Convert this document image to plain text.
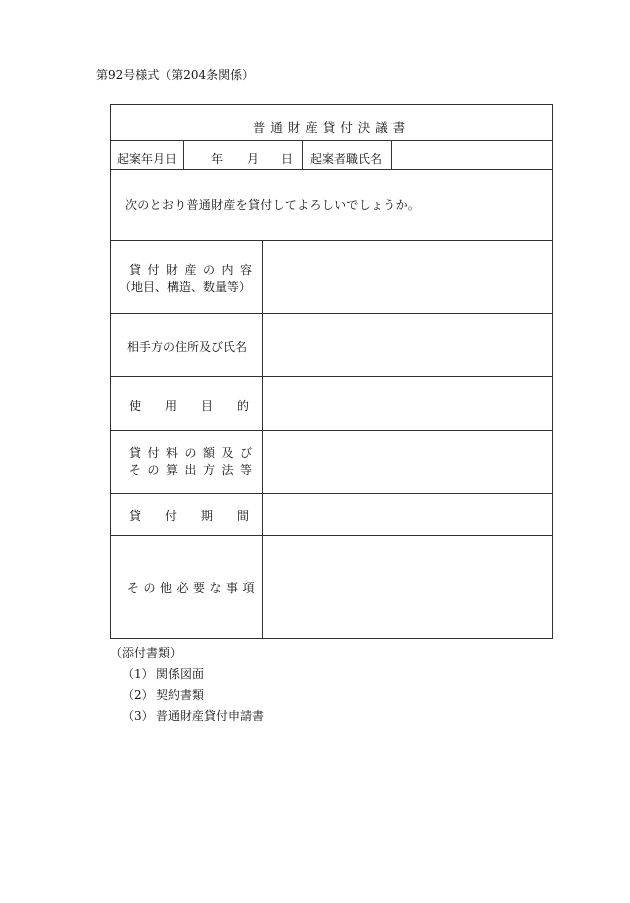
第92号様式（第204条関係）
普通財産貸付決議書
起案年月日	年 月 日 起案者職氏名
次のとおり普通財産を貸付してよろしいでしょうか。
貸付財産の内容
（地目、構造、数量等）
相手方の住所及び氏名
使用目的
貸付料の額及び
その算出方法等
貸付期間
その他必要な事項
（添付書類）
（1） 関係図面
（2） 契約書類
（3） 普通財産貸付申請書
